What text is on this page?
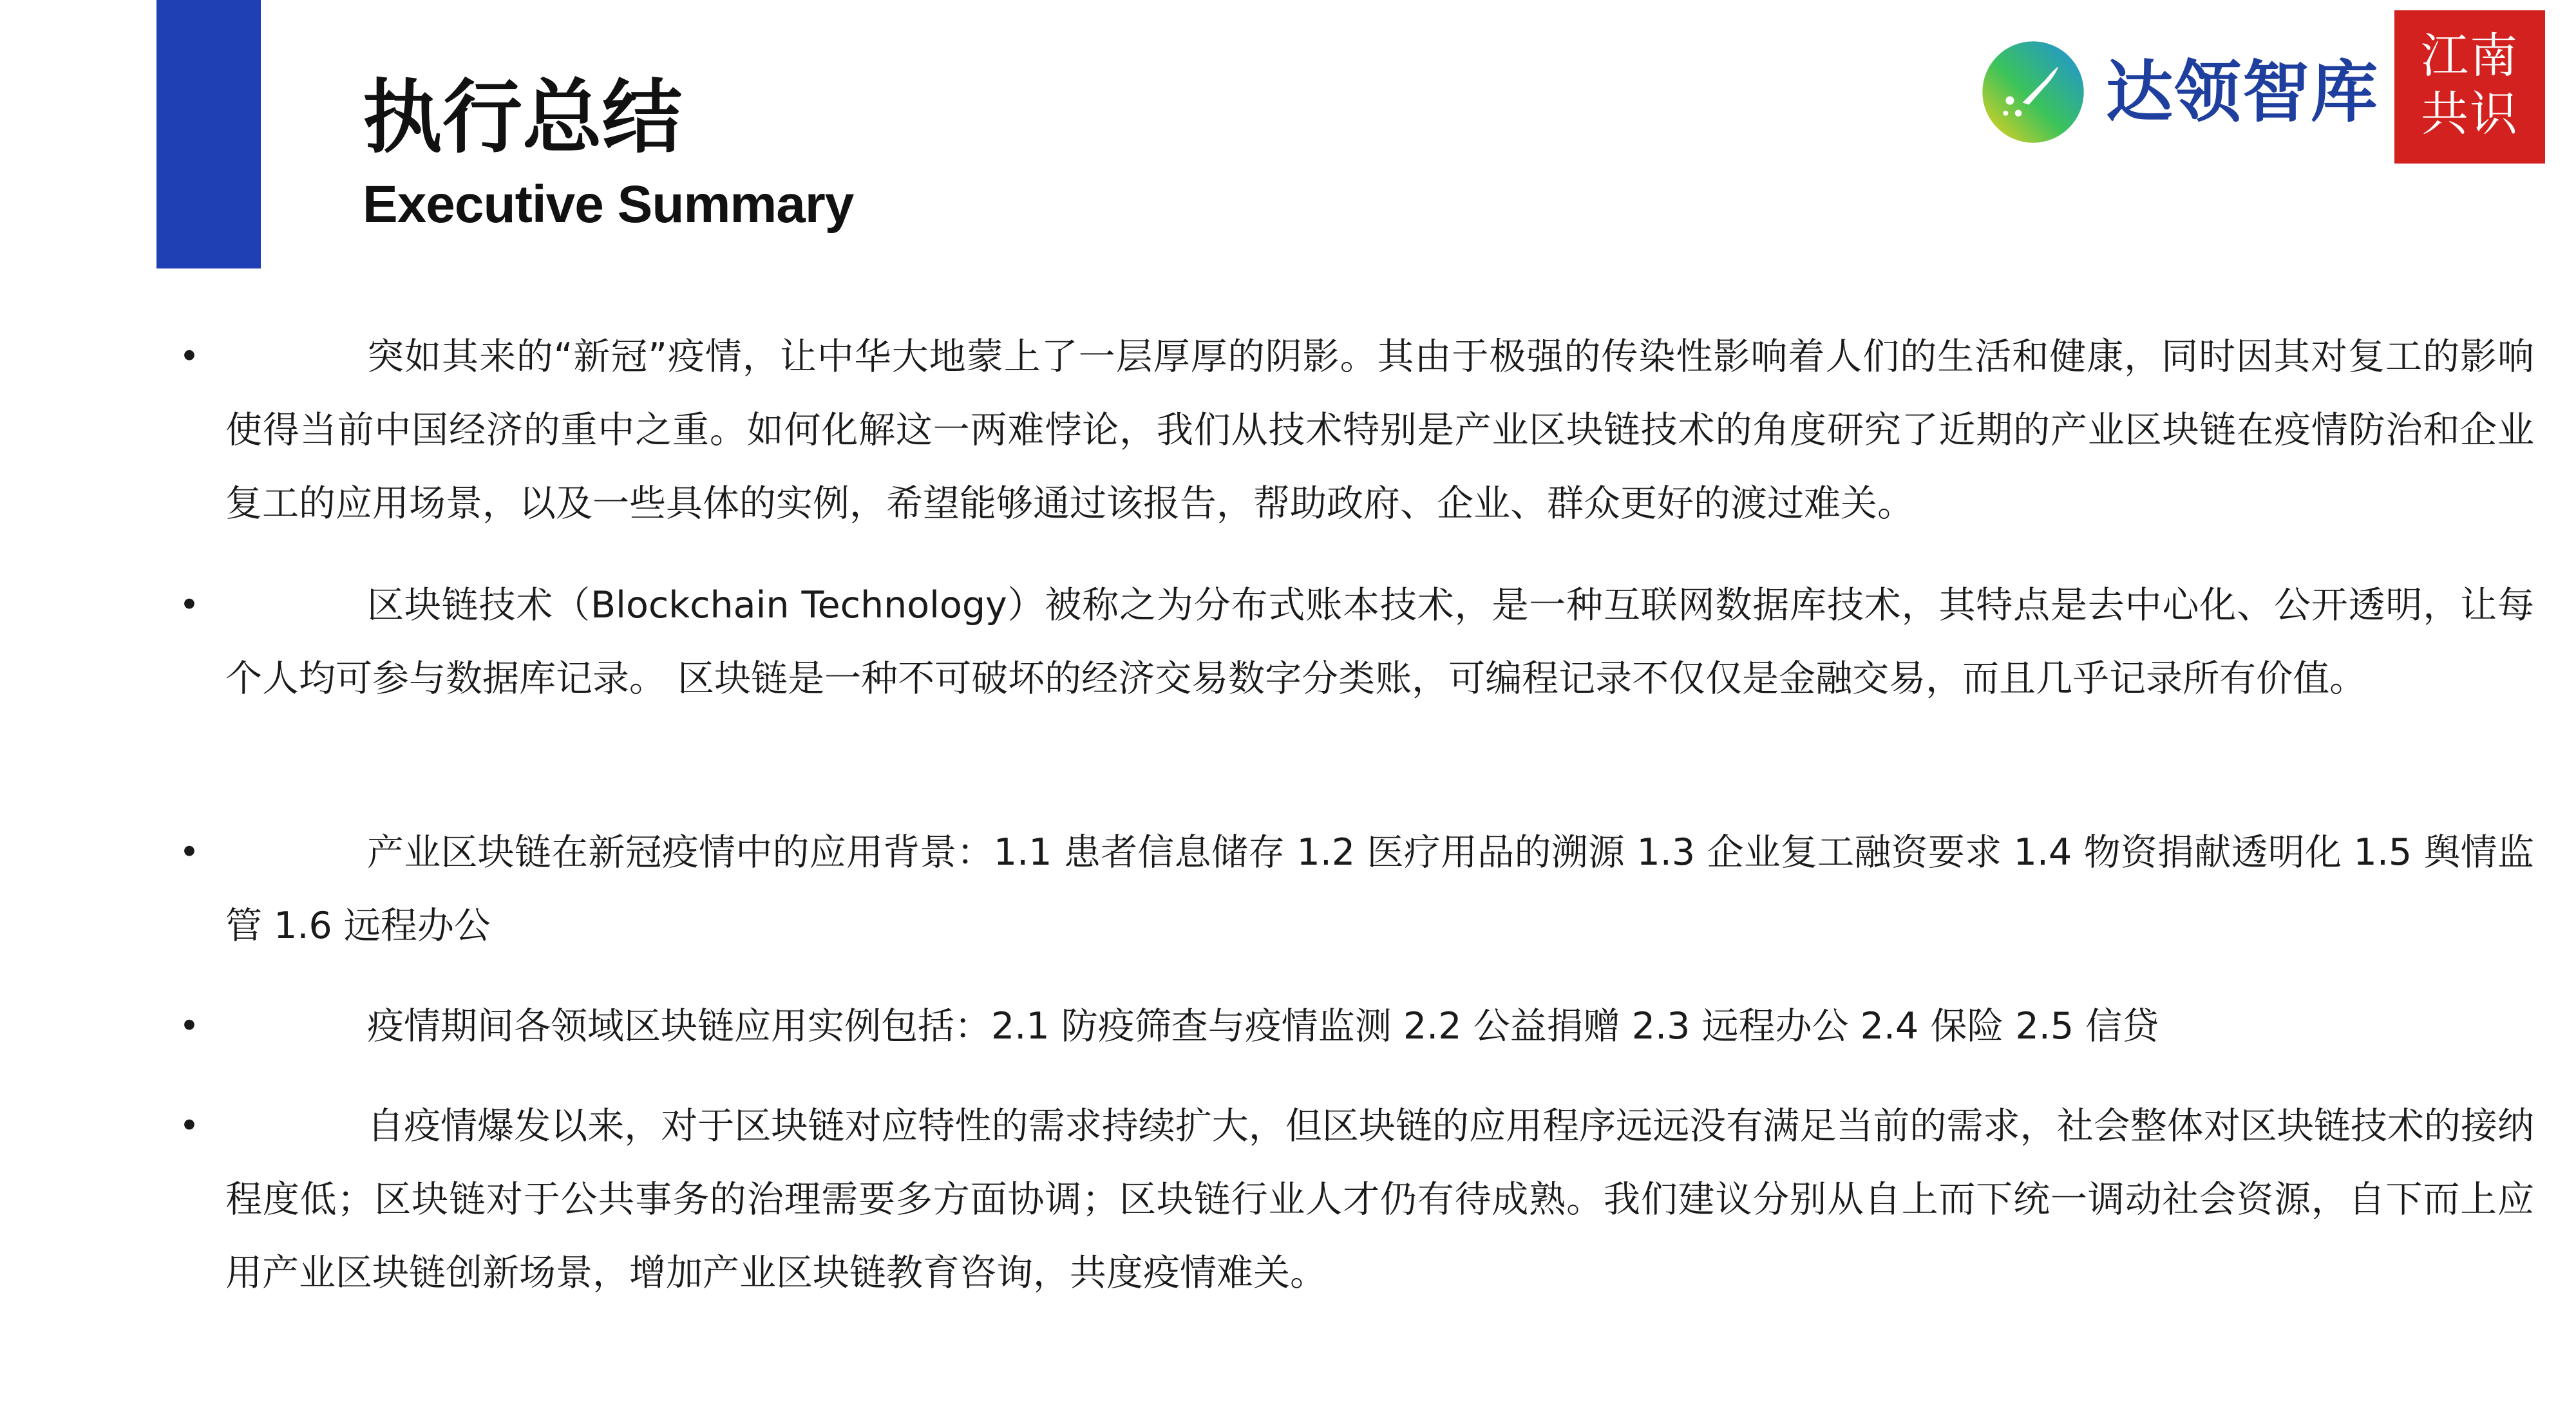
执行总结
Executive Summary
达领智库 江南
共识
•	突如其来的“新冠”疫情，让中华大地蒙上了一层厚厚的阴影。其由于极强的传染性影响着人们的生活和健康，同时因其对复工的影响使得当前中国经济的重中之重。如何化解这一两难悖论，我们从技术特别是产业区块链技术的角度研究了近期的产业区块链在疫情防治和企业复工的应用场景，以及一些具体的实例，希望能够通过该报告，帮助政府、企业、群众更好的渡过难关。
•	区块链技术（Blockchain Technology）被称之为分布式账本技术，是一种互联网数据库技术，其特点是去中心化、公开透明，让每个人均可参与数据库记录。 区块链是一种不可破坏的经济交易数字分类账，可编程记录不仅仅是金融交易，而且几乎记录所有价值。
•	产业区块链在新冠疫情中的应用背景：1.1 患者信息储存 1.2 医疗用品的溯源 1.3 企业复工融资要求 1.4 物资捐献透明化 1.5 舆情监管 1.6 远程办公
•	疫情期间各领域区块链应用实例包括：2.1 防疫筛查与疫情监测 2.2 公益捐赠 2.3 远程办公 2.4 保险 2.5 信贷
•	自疫情爆发以来，对于区块链对应特性的需求持续扩大，但区块链的应用程序远远没有满足当前的需求，社会整体对区块链技术的接纳程度低；区块链对于公共事务的治理需要多方面协调；区块链行业人才仍有待成熟。我们建议分别从自上而下统一调动社会资源，自下而上应用产业区块链创新场景，增加产业区块链教育咨询，共度疫情难关。
